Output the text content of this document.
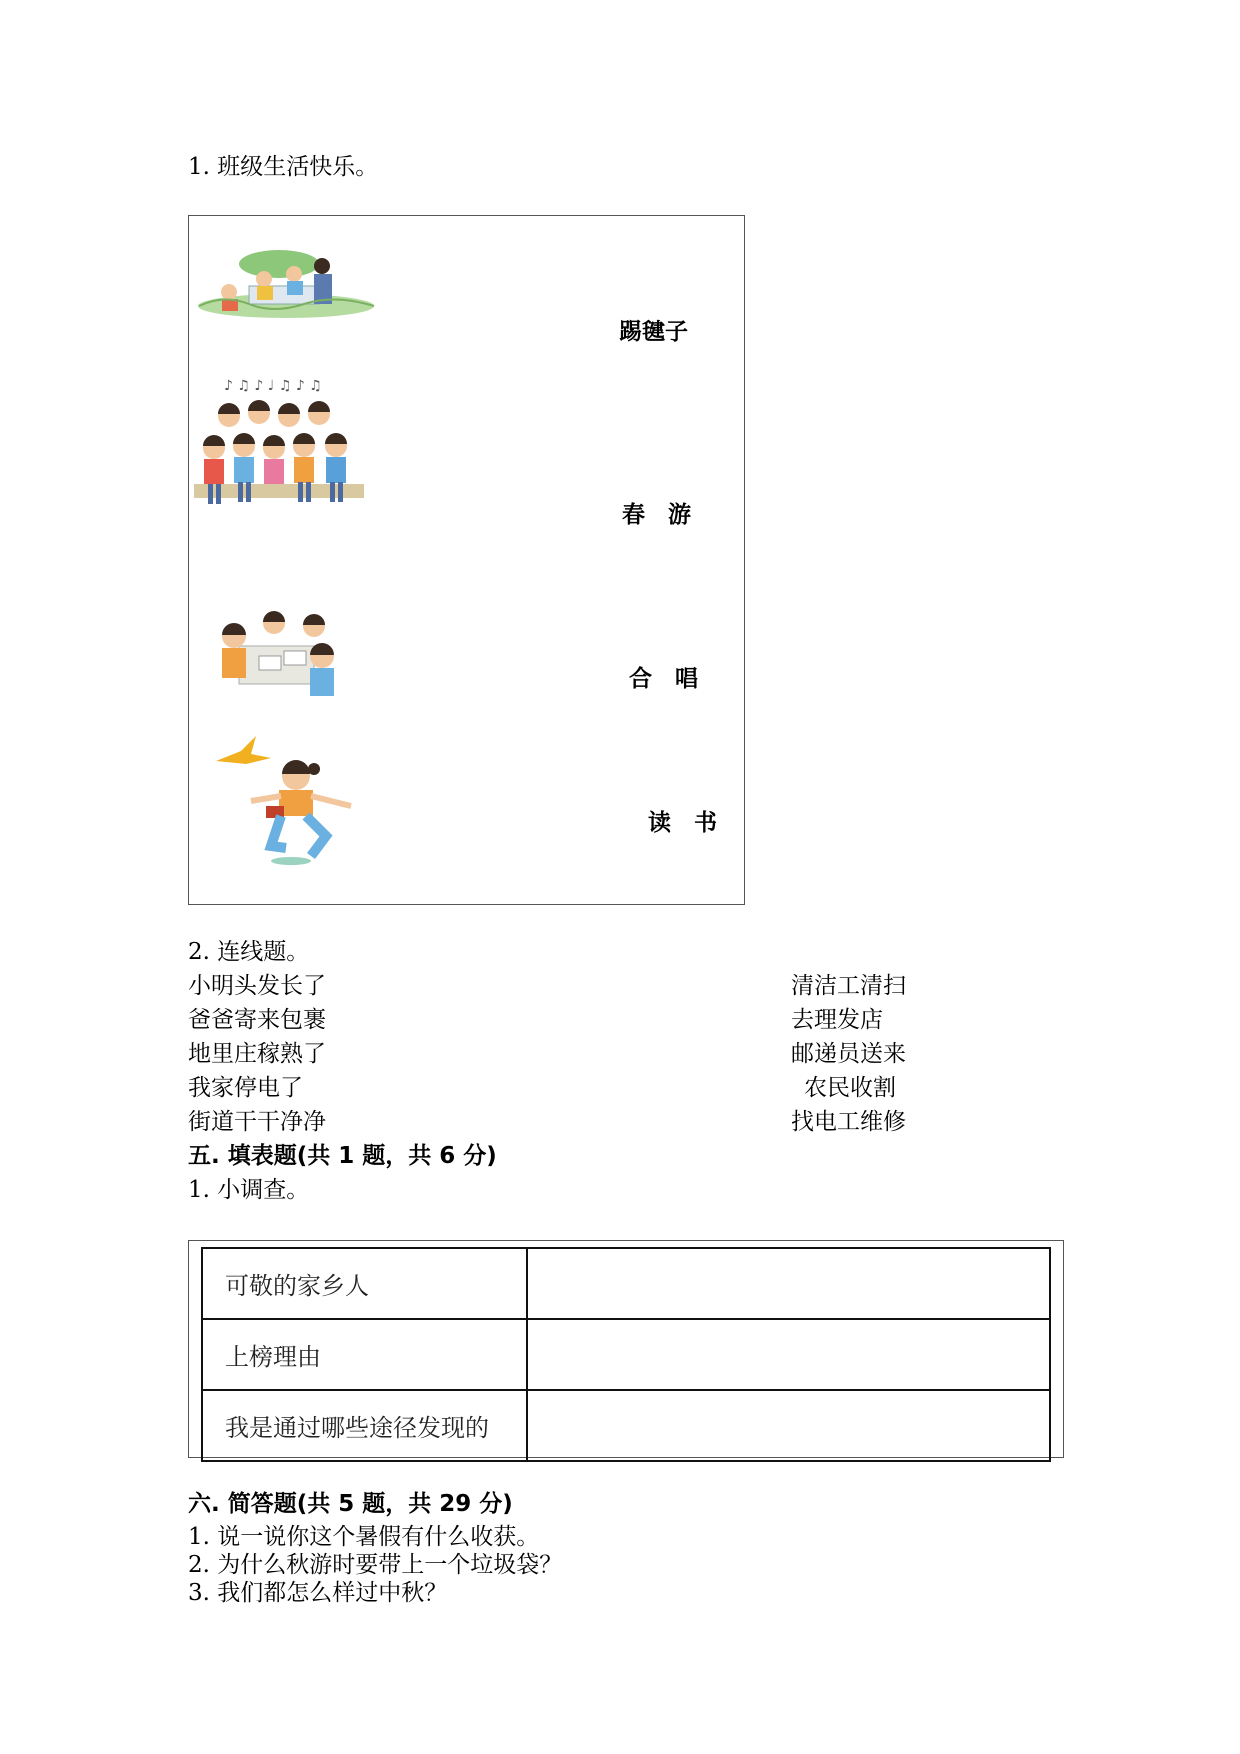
1. 班级生活快乐。
踢毽子
♪ ♫ ♪ ♩ ♫ ♪ ♫
春　游
合　唱
读　书
2. 连线题。
小明头发长了
爸爸寄来包裹
地里庄稼熟了
我家停电了
街道干干净净
清洁工清扫
去理发店
邮递员送来
农民收割
找电工维修
五. 填表题(共 1 题，共 6 分)
1. 小调查。
可敬的家乡人	
上榜理由	
我是通过哪些途径发现的	
六. 简答题(共 5 题，共 29 分)
1. 说一说你这个暑假有什么收获。
2. 为什么秋游时要带上一个垃圾袋？
3. 我们都怎么样过中秋？
